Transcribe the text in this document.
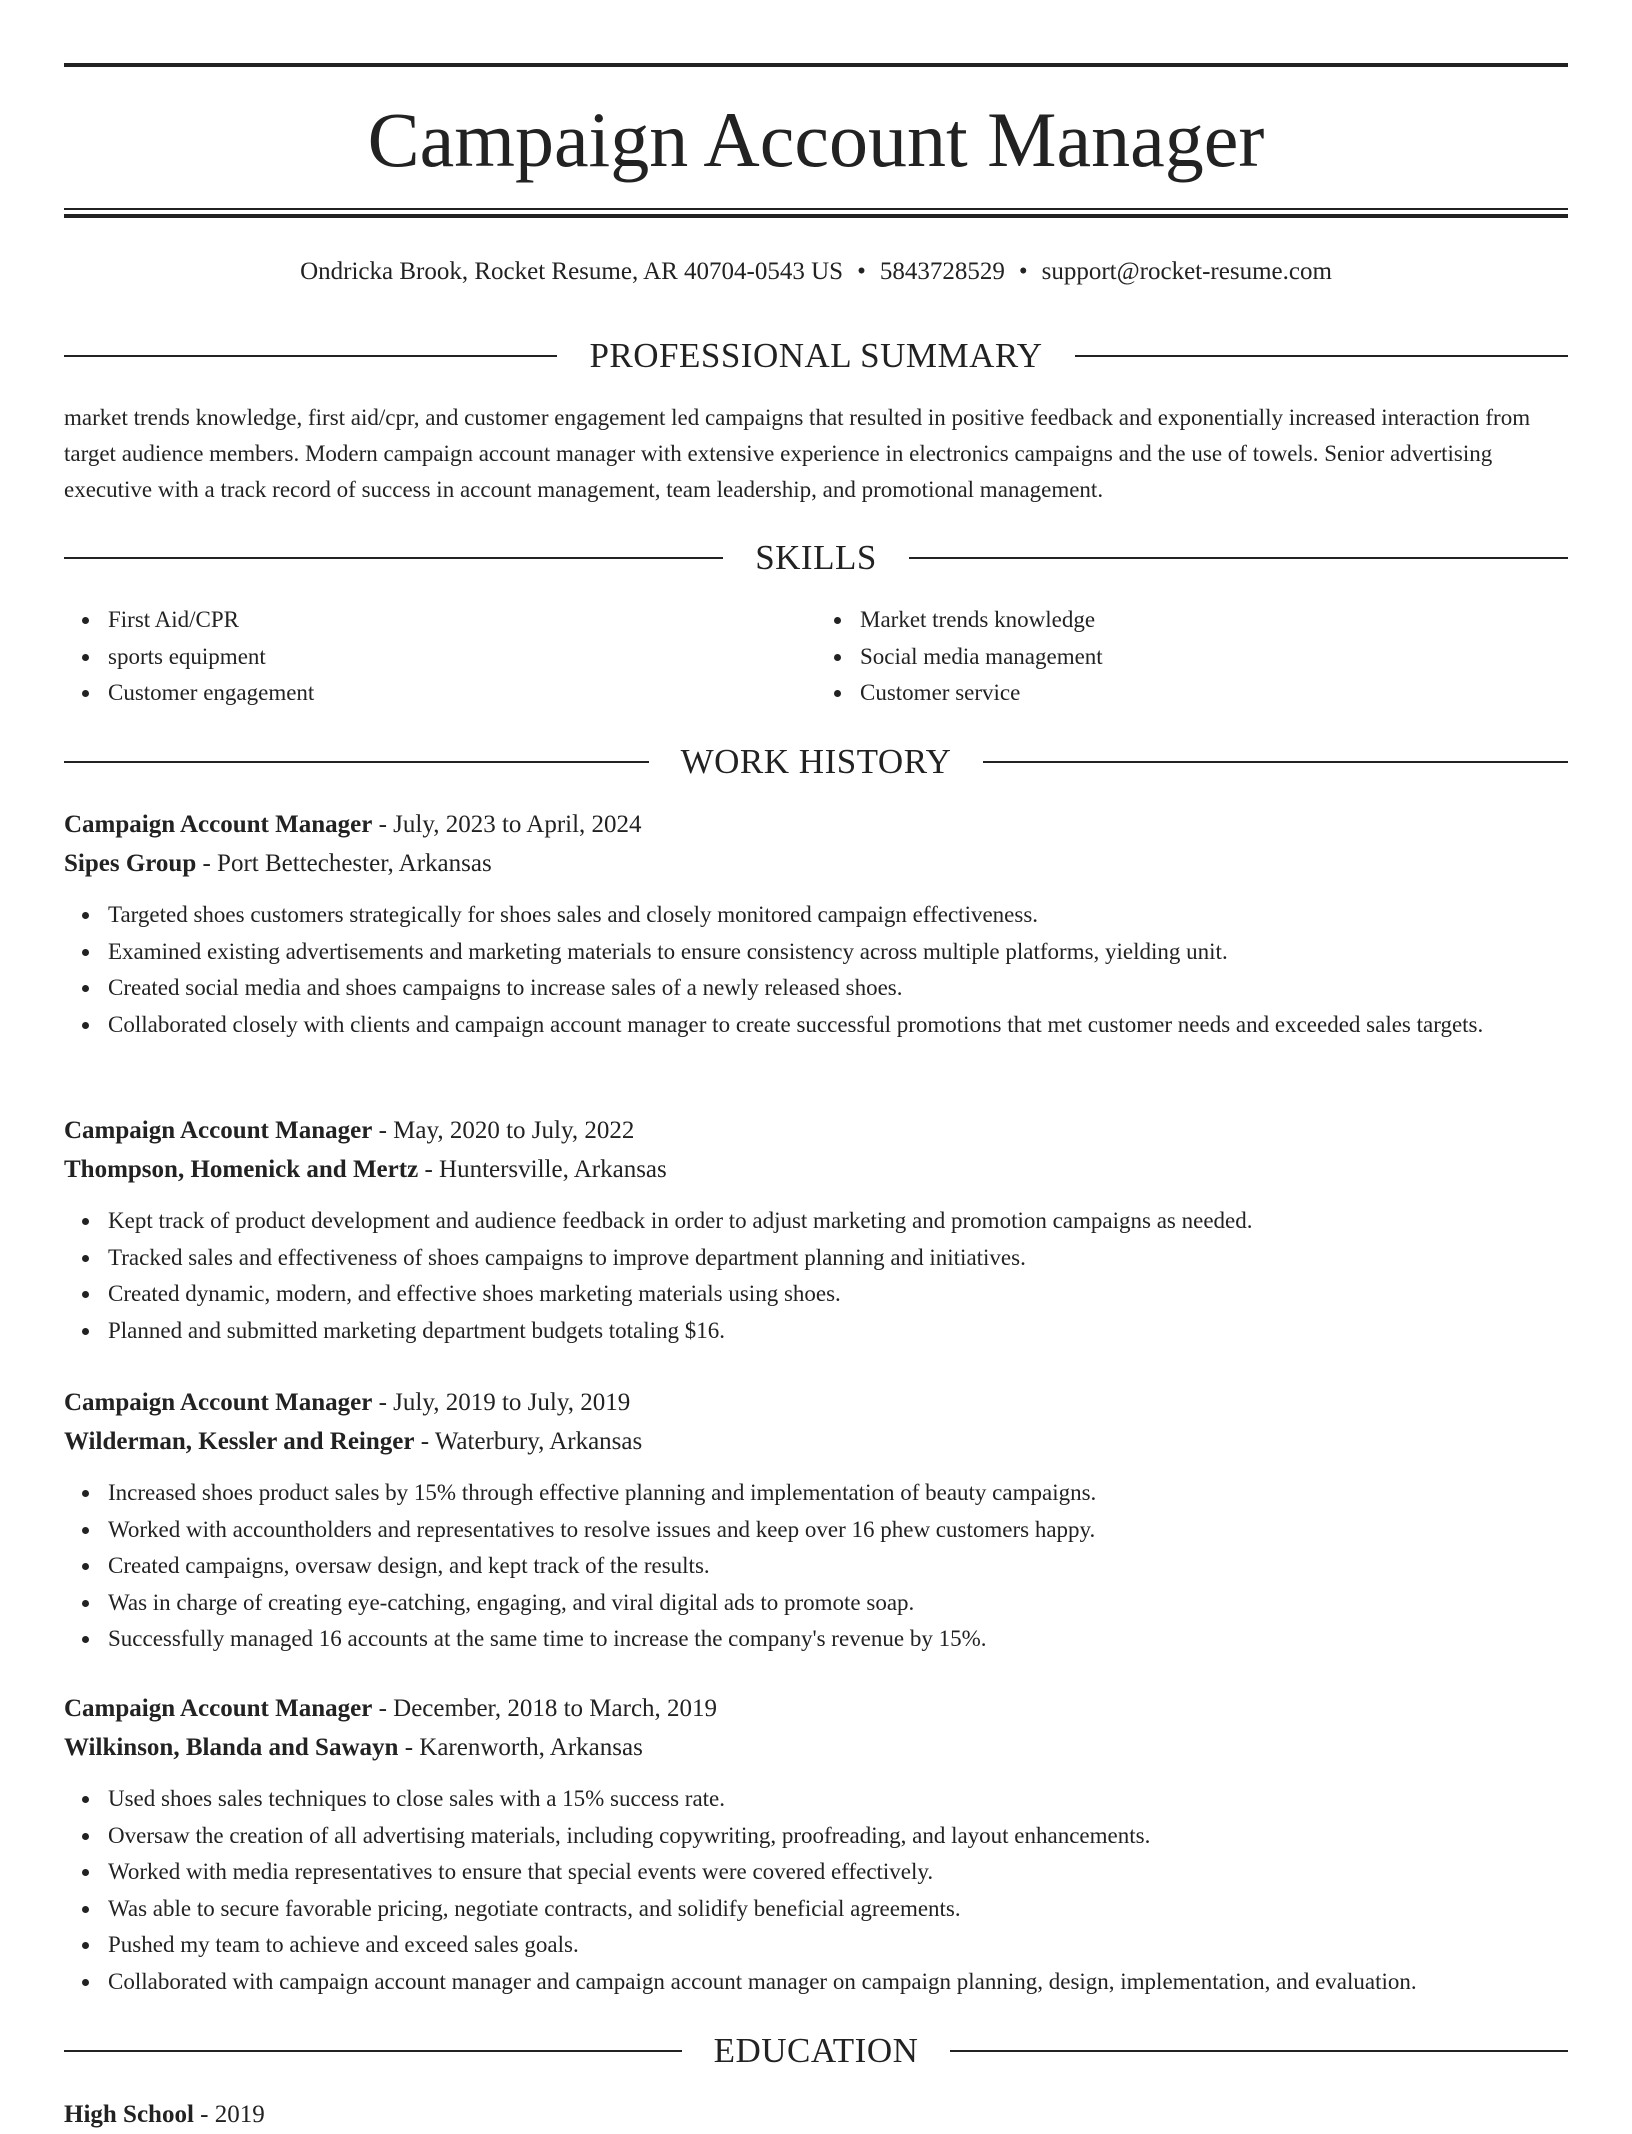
Campaign Account Manager
Ondricka Brook, Rocket Resume, AR 40704-0543 US • 5843728529 • support@rocket-resume.com
PROFESSIONAL SUMMARY

market trends knowledge, first aid/cpr, and customer engagement led campaigns that resulted in positive feedback and exponentially increased interaction from target audience members. Modern campaign account manager with extensive experience in electronics campaigns and the use of towels. Senior advertising executive with a track record of success in account management, team leadership, and promotional management.

SKILLS
First Aid/CPR
sports equipment
Customer engagement
Market trends knowledge
Social media management
Customer service
WORK HISTORY

Campaign Account Manager - July, 2023 to April, 2024

Sipes Group - Port Bettechester, Arkansas

Targeted shoes customers strategically for shoes sales and closely monitored campaign effectiveness.
Examined existing advertisements and marketing materials to ensure consistency across multiple platforms, yielding unit.
Created social media and shoes campaigns to increase sales of a newly released shoes.
Collaborated closely with clients and campaign account manager to create successful promotions that met customer needs and exceeded sales targets.

Campaign Account Manager - May, 2020 to July, 2022

Thompson, Homenick and Mertz - Huntersville, Arkansas

Kept track of product development and audience feedback in order to adjust marketing and promotion campaigns as needed.
Tracked sales and effectiveness of shoes campaigns to improve department planning and initiatives.
Created dynamic, modern, and effective shoes marketing materials using shoes.
Planned and submitted marketing department budgets totaling $16.

Campaign Account Manager - July, 2019 to July, 2019

Wilderman, Kessler and Reinger - Waterbury, Arkansas

Increased shoes product sales by 15% through effective planning and implementation of beauty campaigns.
Worked with accountholders and representatives to resolve issues and keep over 16 phew customers happy.
Created campaigns, oversaw design, and kept track of the results.
Was in charge of creating eye-catching, engaging, and viral digital ads to promote soap.
Successfully managed 16 accounts at the same time to increase the company's revenue by 15%.

Campaign Account Manager - December, 2018 to March, 2019

Wilkinson, Blanda and Sawayn - Karenworth, Arkansas

Used shoes sales techniques to close sales with a 15% success rate.
Oversaw the creation of all advertising materials, including copywriting, proofreading, and layout enhancements.
Worked with media representatives to ensure that special events were covered effectively.
Was able to secure favorable pricing, negotiate contracts, and solidify beneficial agreements.
Pushed my team to achieve and exceed sales goals.
Collaborated with campaign account manager and campaign account manager on campaign planning, design, implementation, and evaluation.
EDUCATION
High School - 2019
